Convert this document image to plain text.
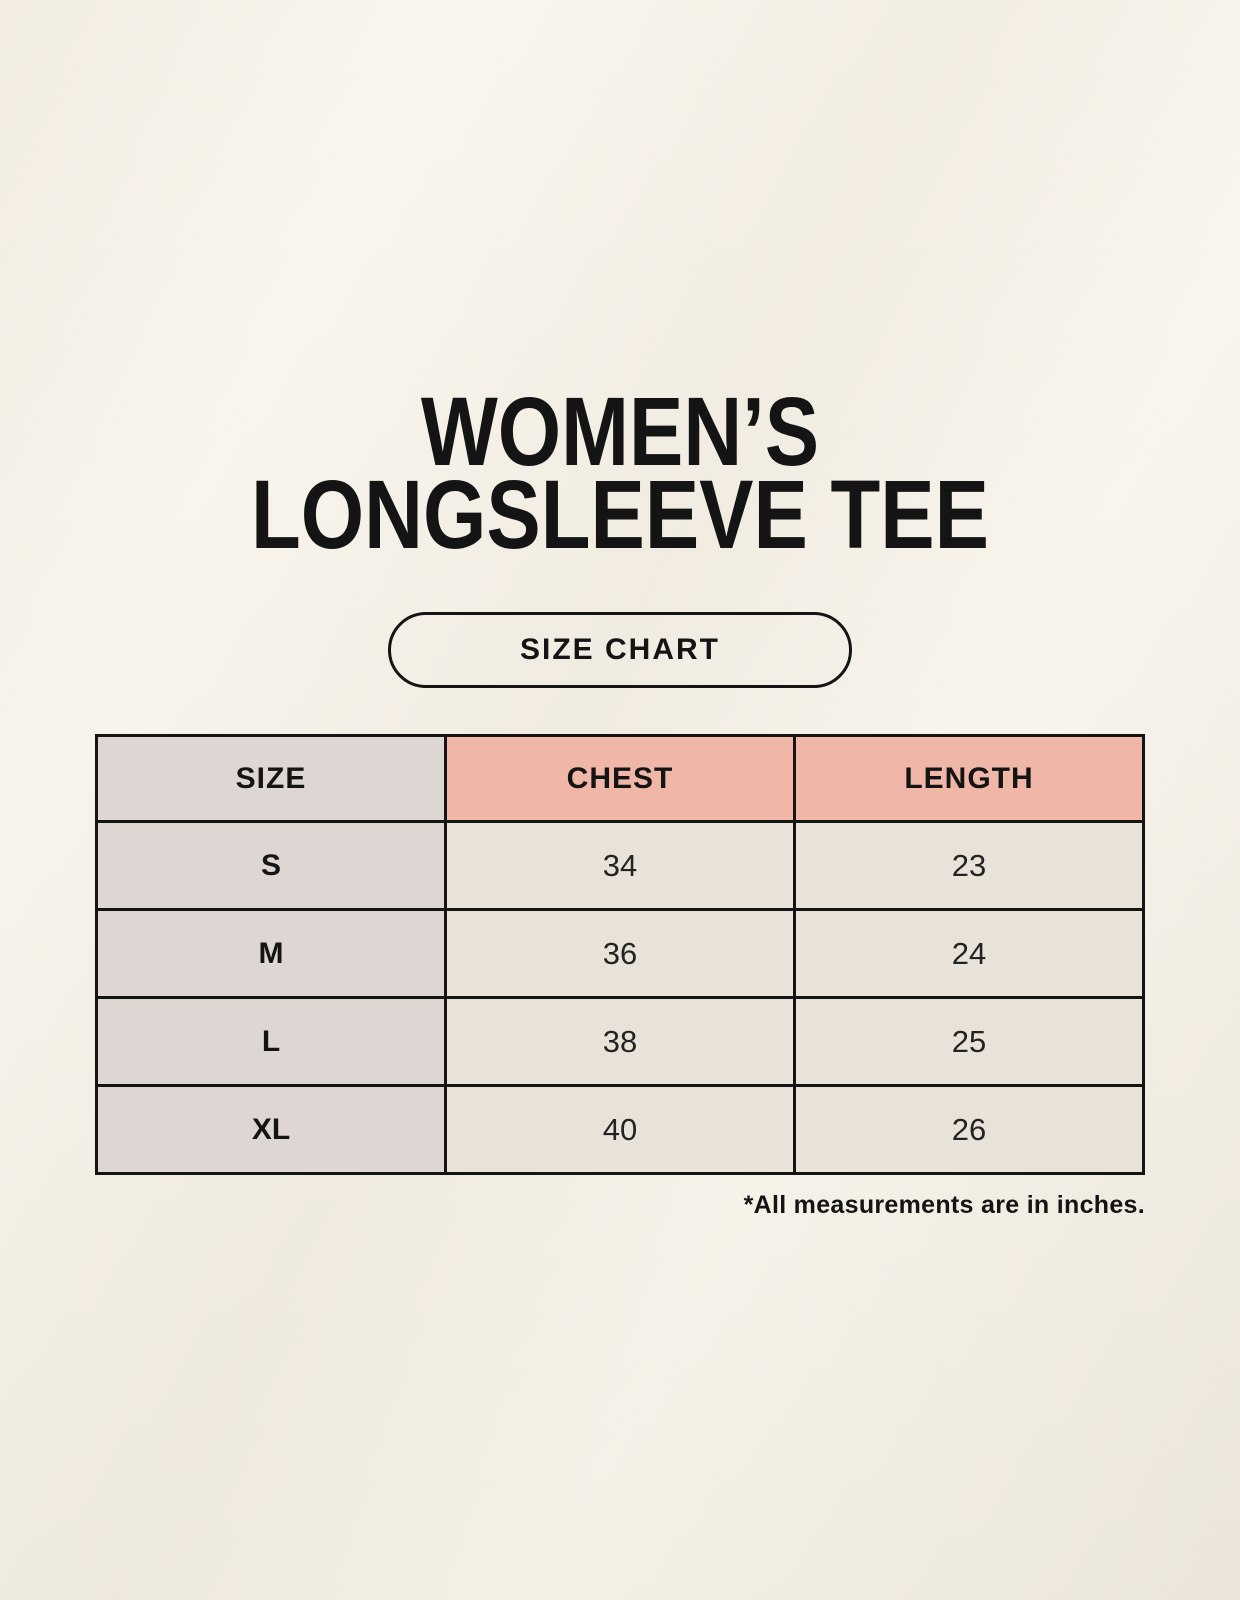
WOMEN’S
LONGSLEEVE TEE
SIZE CHART
SIZE	CHEST	LENGTH
S	34	23
M	36	24
L	38	25
XL	40	26
*All measurements are in inches.
